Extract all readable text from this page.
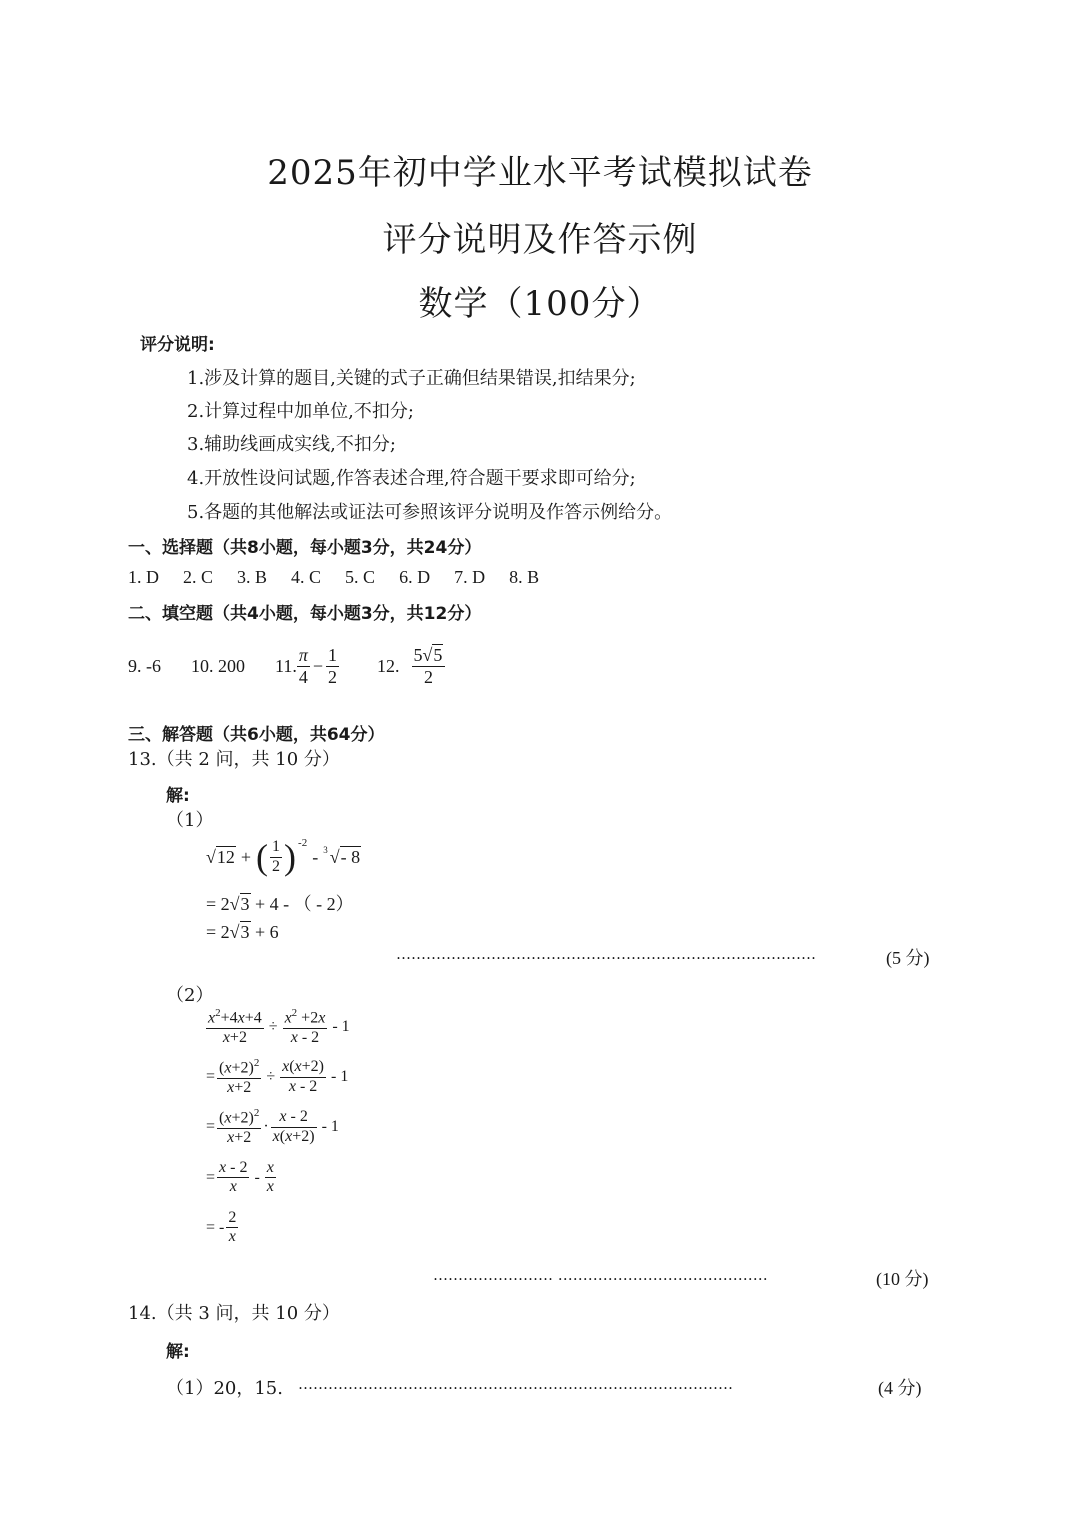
2025年初中学业水平考试模拟试卷
评分说明及作答示例
数学（100分）
评分说明:
1.涉及计算的题目,关键的式子正确但结果错误,扣结果分;
2.计算过程中加单位,不扣分;
3.辅助线画成实线,不扣分;
4.开放性设问试题,作答表述合理,符合题干要求即可给分;
5.各题的其他解法或证法可参照该评分说明及作答示例给分。
一、选择题（共8小题，每小题3分，共24分）
1. D 2. C 3. B 4. C 5. C 6. D 7. D 8. B
二、填空题（共4小题，每小题3分，共12分）
9. -6 10. 200 11. $\frac{\pi}{4} - \frac{1}{2} 12$. $\frac{5√5}{2}$
三、解答题（共6小题，共64分）
13.（共 2 问，共 10 分）
解:
（1）
√12 + ( $\frac{1}{2} )^{-2}$
- $^3$ √- 8
= 2√3 + 4 - （ - 2）
= 2√3 + 6
…………………………………………………………………………	(5 分)
（2）
$\frac{x^2+4x+4}{x+2} \div \frac{x^2 +2x}{x - 2} - 1$
= $\frac{(x+2)^2}{x+2} \div \frac{x(x+2)}{x - 2} - 1$
= $\frac{(x+2)^2}{x+2} \cdot \frac{x - 2}{x(x+2)} - 1$
= $\frac{x - 2}{x} - \frac{x}{x}$
= - $\frac{2}{x}$
…………………… ……………………………………	(10 分)
14.（共 3 问，共 10 分）
解:
（1）20，15. ……………………………………………………………………………	(4 分)
